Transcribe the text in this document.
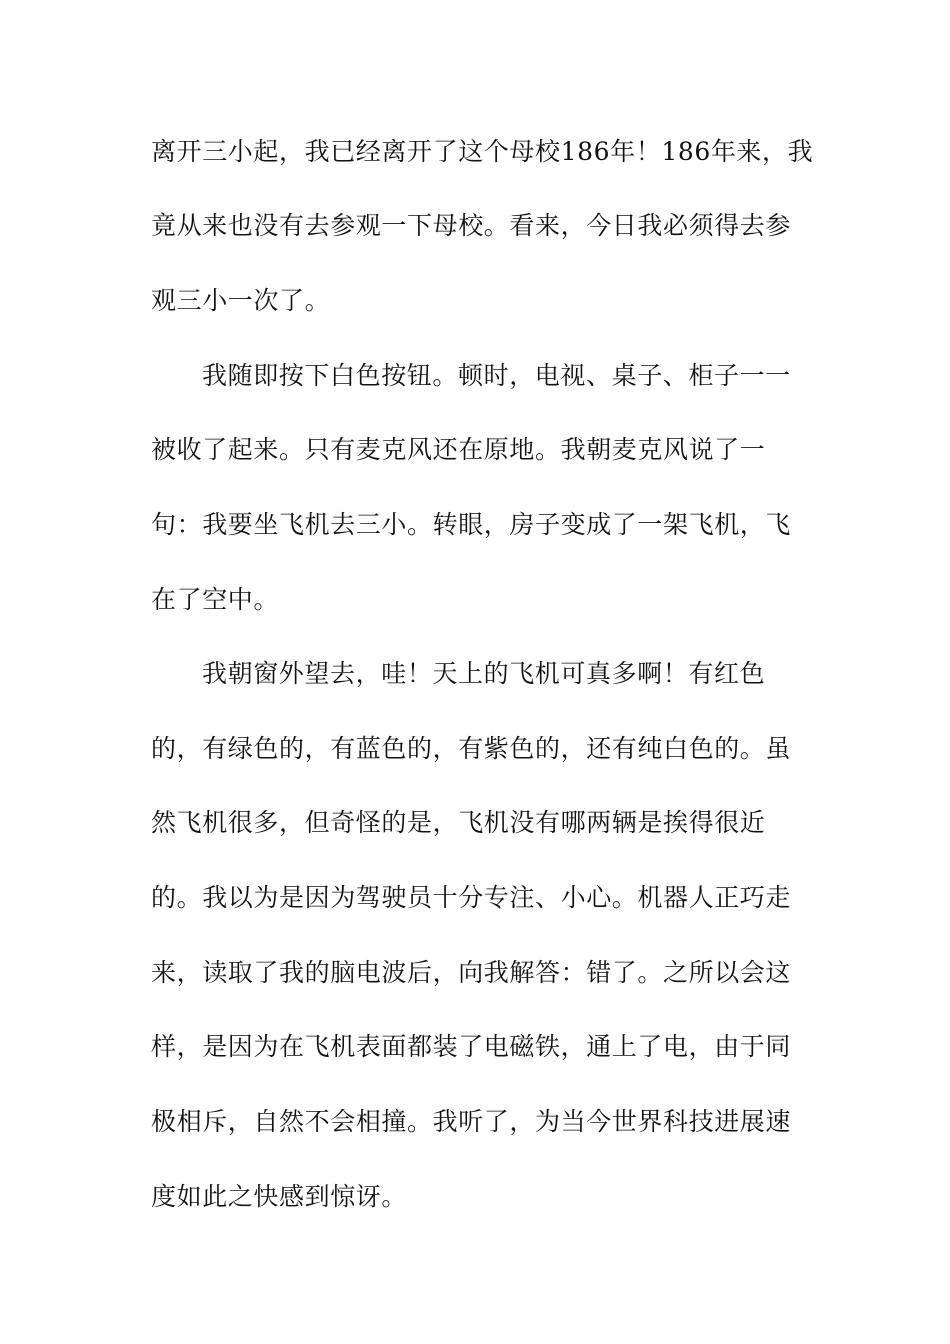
离开三小起，我已经离开了这个母校186年！186年来，我
竟从来也没有去参观一下母校。看来，今日我必须得去参
观三小一次了。
我随即按下白色按钮。顿时，电视、桌子、柜子一一
被收了起来。只有麦克风还在原地。我朝麦克风说了一
句：我要坐飞机去三小。转眼，房子变成了一架飞机，飞
在了空中。
我朝窗外望去，哇！天上的飞机可真多啊！有红色
的，有绿色的，有蓝色的，有紫色的，还有纯白色的。虽
然飞机很多，但奇怪的是，飞机没有哪两辆是挨得很近
的。我以为是因为驾驶员十分专注、小心。机器人正巧走
来，读取了我的脑电波后，向我解答：错了。之所以会这
样，是因为在飞机表面都装了电磁铁，通上了电，由于同
极相斥，自然不会相撞。我听了，为当今世界科技进展速
度如此之快感到惊讶。
